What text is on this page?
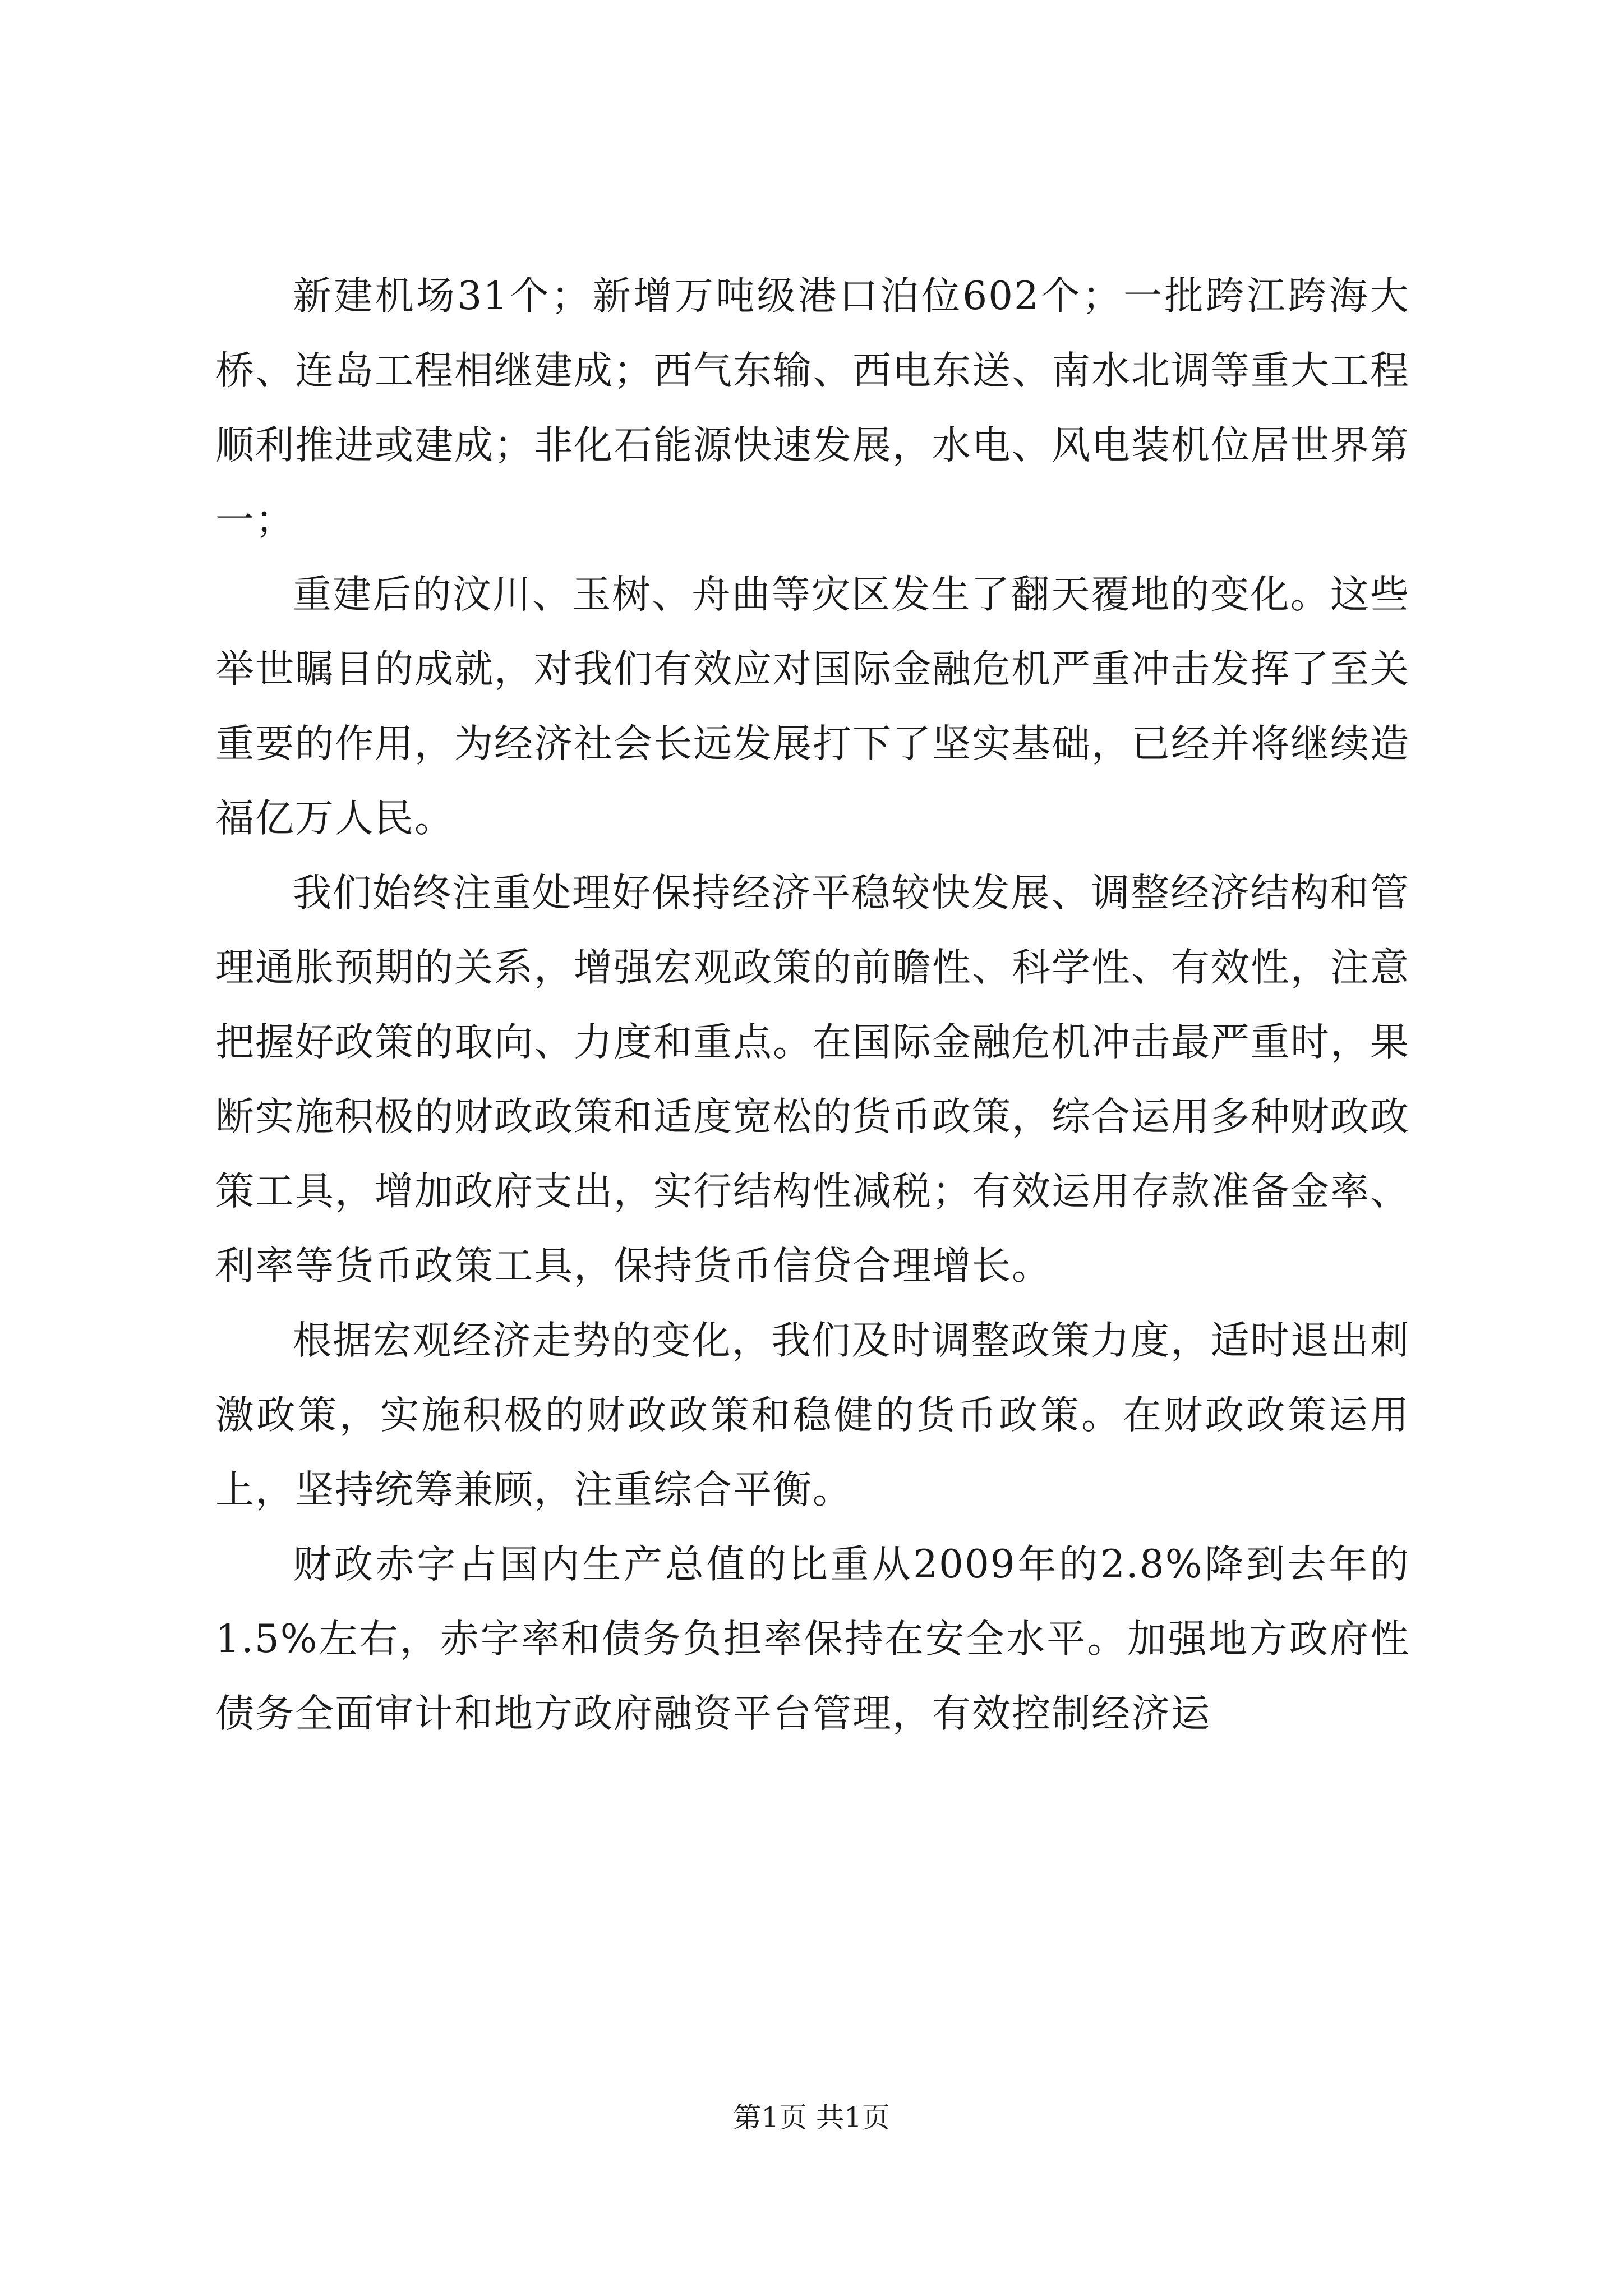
新建机场31个；新增万吨级港口泊位602个；一批跨江跨海大桥、连岛工程相继建成；西气东输、西电东送、南水北调等重大工程顺利推进或建成；非化石能源快速发展，水电、风电装机位居世界第一；

重建后的汶川、玉树、舟曲等灾区发生了翻天覆地的变化。这些举世瞩目的成就，对我们有效应对国际金融危机严重冲击发挥了至关重要的作用，为经济社会长远发展打下了坚实基础，已经并将继续造福亿万人民。

我们始终注重处理好保持经济平稳较快发展、调整经济结构和管理通胀预期的关系，增强宏观政策的前瞻性、科学性、有效性，注意把握好政策的取向、力度和重点。在国际金融危机冲击最严重时，果断实施积极的财政政策和适度宽松的货币政策，综合运用多种财政政策工具，增加政府支出，实行结构性减税；有效运用存款准备金率、利率等货币政策工具，保持货币信贷合理增长。

根据宏观经济走势的变化，我们及时调整政策力度，适时退出刺激政策，实施积极的财政政策和稳健的货币政策。在财政政策运用上，坚持统筹兼顾，注重综合平衡。

财政赤字占国内生产总值的比重从2009年的2.8%降到去年的1.5%左右，赤字率和债务负担率保持在安全水平。加强地方政府性债务全面审计和地方政府融资平台管理，有效控制经济运

第1页 共1页
